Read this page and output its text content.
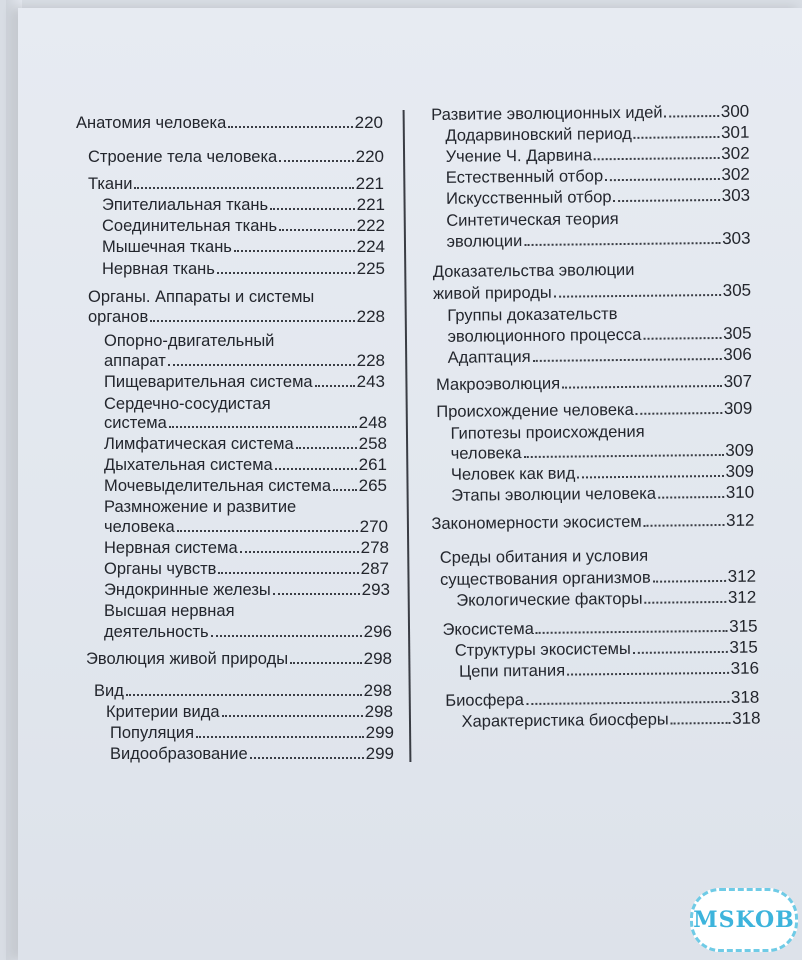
Анатомия человека	220
Строение тела человека	220
Ткани	221
Эпителиальная ткань	221
Соединительная ткань	222
Мышечная ткань	224
Нервная ткань	225
Органы. Аппараты и системы
органов	228
Опорно-двигательный
аппарат	228
Пищеварительная система	243
Сердечно-сосудистая
система	248
Лимфатическая система	258
Дыхательная система	261
Мочевыделительная система 265
Размножение и развитие
человека	270
Нервная система	278
Органы чувств	287
Эндокринные железы	293
Высшая нервная
деятельность	296
Эволюция живой природы	298
Вид	298
Критерии вида	298
Популяция	299
Видообразование	299
Развитие эволюционных идей	300
Додарвиновский период	301
Учение Ч. Дарвина	302
Естественный отбор	302
Искусственный отбор	303
Синтетическая теория
эволюции	303
Доказательства эволюции
живой природы	305
Группы доказательств
эволюционного процесса	305
Адаптация	306
Макроэволюция	307
Происхождение человека	309
Гипотезы происхождения
человека	309
Человек как вид	309
Этапы эволюции человека	310
Закономерности экосистем	312
Среды обитания и условия
существования организмов	312
Экологические факторы	312
Экосистема	315
Структуры экосистемы	315
Цепи питания	316
Биосфера	318
Характеристика биосферы	318
MSKOB
